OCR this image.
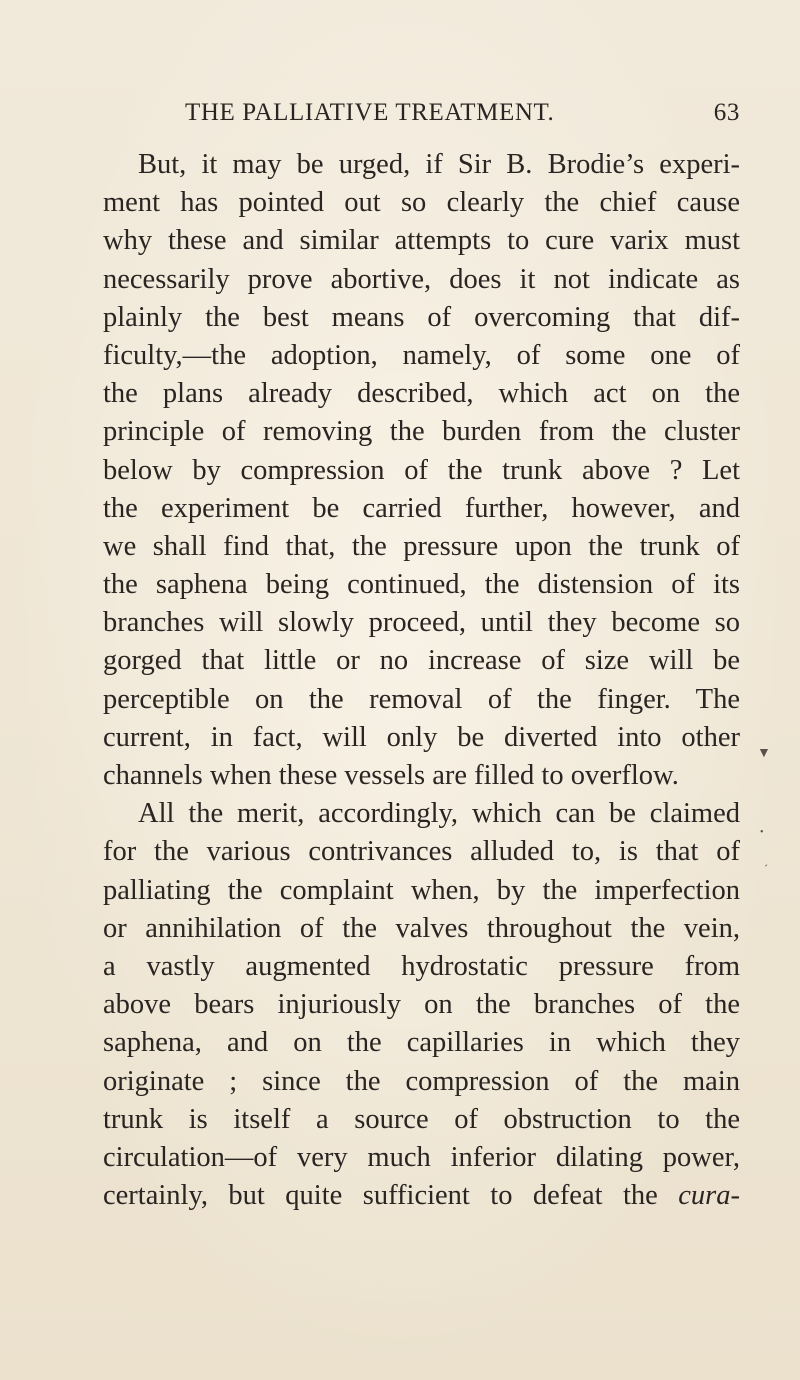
THE PALLIATIVE TREATMENT.	63
But, it may be urged, if Sir B. Brodie’s experi-
ment has pointed out so clearly the chief cause
why these and similar attempts to cure varix must
necessarily prove abortive, does it not indicate as
plainly the best means of overcoming that dif-
ficulty,—the adoption, namely, of some one of
the plans already described, which act on the
principle of removing the burden from the cluster
below by compression of the trunk above ? Let
the experiment be carried further, however, and
we shall find that, the pressure upon the trunk of
the saphena being continued, the distension of its
branches will slowly proceed, until they become so
gorged that little or no increase of size will be
perceptible on the removal of the finger. The
current, in fact, will only be diverted into other
channels when these vessels are filled to overflow.
All the merit, accordingly, which can be claimed
for the various contrivances alluded to, is that of
palliating the complaint when, by the imperfection
or annihilation of the valves throughout the vein,
a vastly augmented hydrostatic pressure from
above bears injuriously on the branches of the
saphena, and on the capillaries in which they
originate ; since the compression of the main
trunk is itself a source of obstruction to the
circulation—of very much inferior dilating power,
certainly, but quite sufficient to defeat the cura-
▼
•
´
